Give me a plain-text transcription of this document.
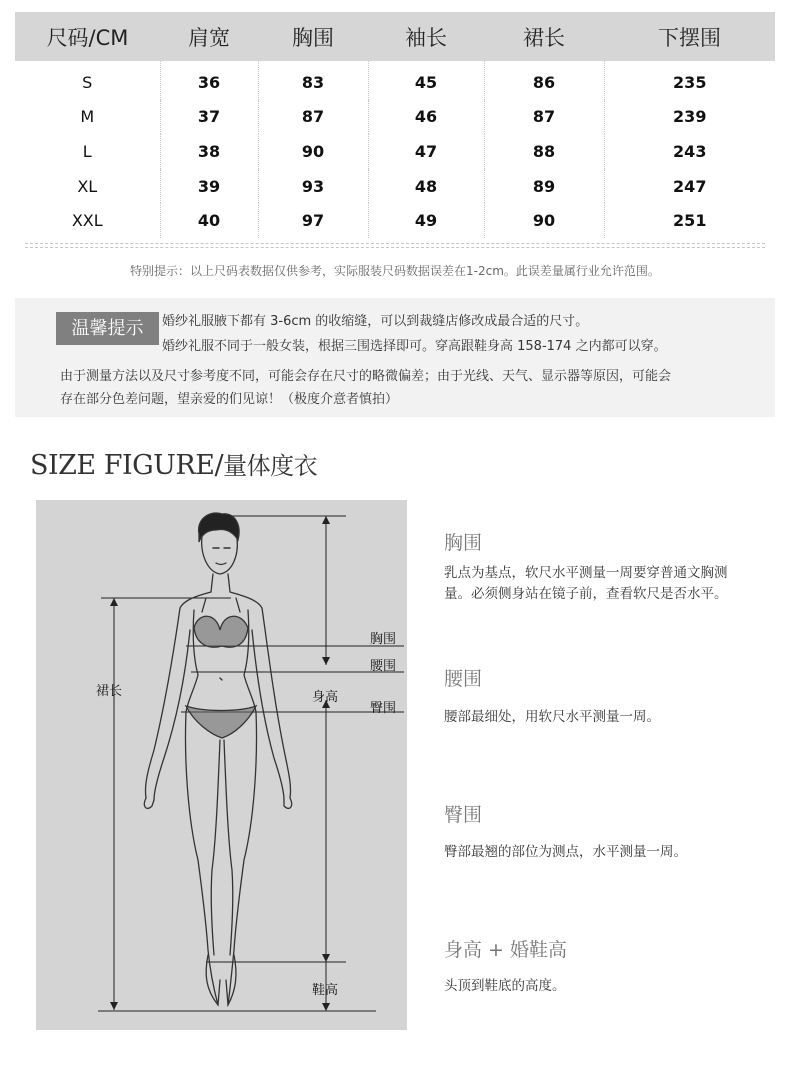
尺码/CM	肩宽	胸围	袖长	裙长	下摆围
S	36	83	45	86	235
M	37	87	46	87	239
L	38	90	47	88	243
XL	39	93	48	89	247
XXL	40	97	49	90	251
特别提示：以上尺码表数据仅供参考，实际服装尺码数据误差在1-2cm。此误差量属行业允许范围。
温馨提示	婚纱礼服腋下都有 3-6cm 的收缩缝，可以到裁缝店修改成最合适的尺寸。
婚纱礼服不同于一般女装，根据三围选择即可。穿高跟鞋身高 158-174 之内都可以穿。
由于测量方法以及尺寸参考度不同，可能会存在尺寸的略微偏差；由于光线、天气、显示器等原因，可能会
存在部分色差问题，望亲爱的们见谅！（极度介意者慎拍）
SIZE FIGURE/量体度衣
胸围
腰围
臀围
身高
裙长
鞋高
胸围
乳点为基点，软尺水平测量一周要穿普通文胸测
量。必须侧身站在镜子前，查看软尺是否水平。
腰围
腰部最细处，用软尺水平测量一周。
臀围
臀部最翘的部位为测点，水平测量一周。
身高 + 婚鞋高
头顶到鞋底的高度。
